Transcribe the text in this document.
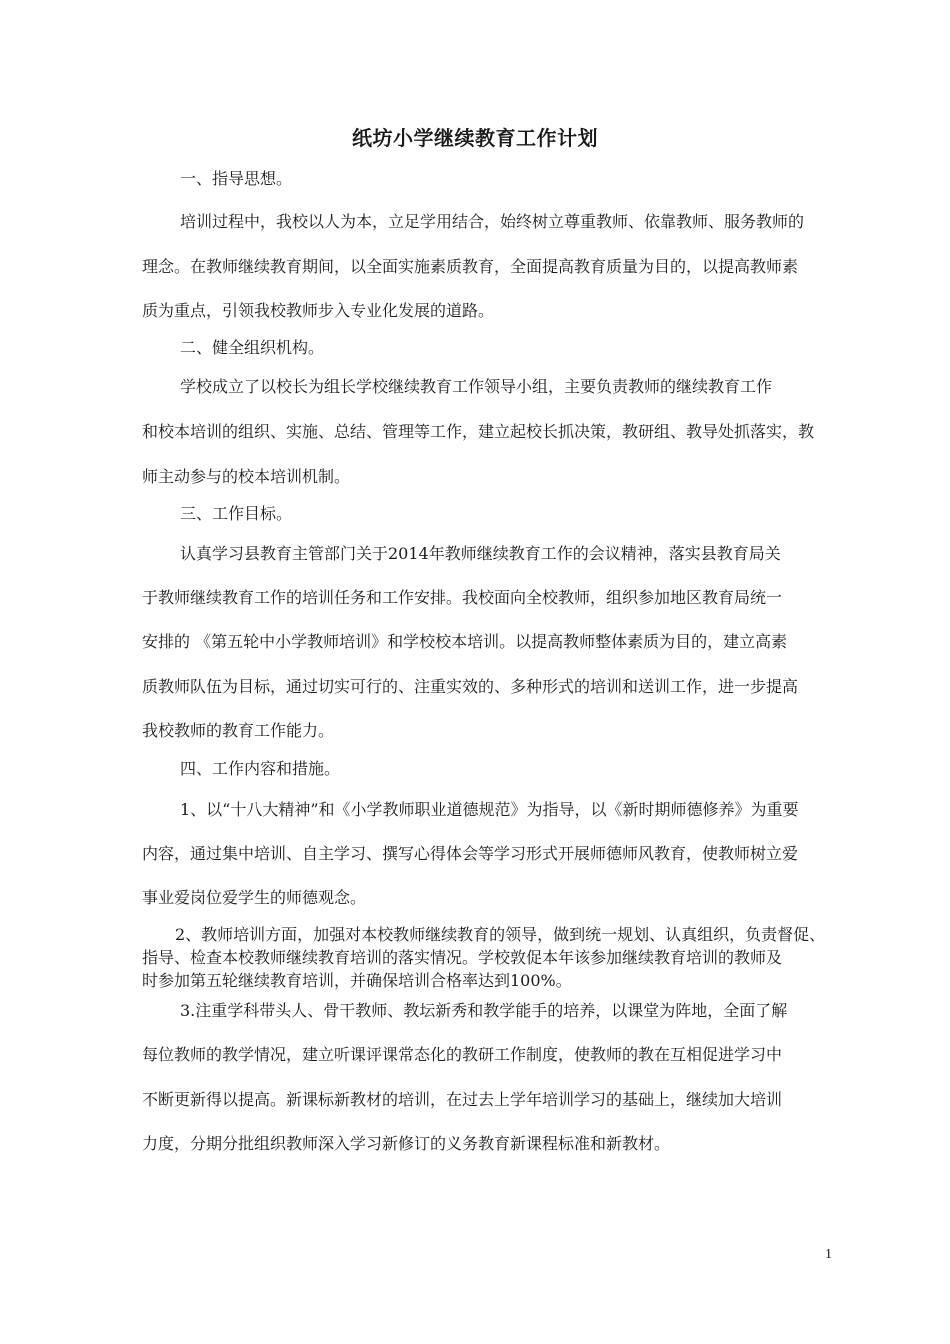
纸坊小学继续教育工作计划
一、指导思想。
培训过程中，我校以人为本，立足学用结合，始终树立尊重教师、依靠教师、服务教师的
理念。在教师继续教育期间，以全面实施素质教育，全面提高教育质量为目的，以提高教师素
质为重点，引领我校教师步入专业化发展的道路。
二、健全组织机构。
学校成立了以校长为组长学校继续教育工作领导小组，主要负责教师的继续教育工作
和校本培训的组织、实施、总结、管理等工作，建立起校长抓决策，教研组、教导处抓落实，教
师主动参与的校本培训机制。
三、工作目标。
认真学习县教育主管部门关于2014年教师继续教育工作的会议精神，落实县教育局关
于教师继续教育工作的培训任务和工作安排。我校面向全校教师，组织参加地区教育局统一
安排的 《第五轮中小学教师培训》和学校校本培训。以提高教师整体素质为目的，建立高素
质教师队伍为目标，通过切实可行的、注重实效的、多种形式的培训和送训工作，进一步提高
我校教师的教育工作能力。
四、工作内容和措施。
1、以“十八大精神”和《小学教师职业道德规范》为指导，以《新时期师德修养》为重要
内容，通过集中培训、自主学习、撰写心得体会等学习形式开展师德师风教育，使教师树立爱
事业爱岗位爱学生的师德观念。
2、教师培训方面，加强对本校教师继续教育的领导，做到统一规划、认真组织，负责督促、
指导、检查本校教师继续教育培训的落实情况。学校敦促本年该参加继续教育培训的教师及
时参加第五轮继续教育培训，并确保培训合格率达到100%。
3.注重学科带头人、骨干教师、教坛新秀和教学能手的培养，以课堂为阵地，全面了解
每位教师的教学情况，建立听课评课常态化的教研工作制度，使教师的教在互相促进学习中
不断更新得以提高。新课标新教材的培训，在过去上学年培训学习的基础上，继续加大培训
力度，分期分批组织教师深入学习新修订的义务教育新课程标准和新教材。
1
